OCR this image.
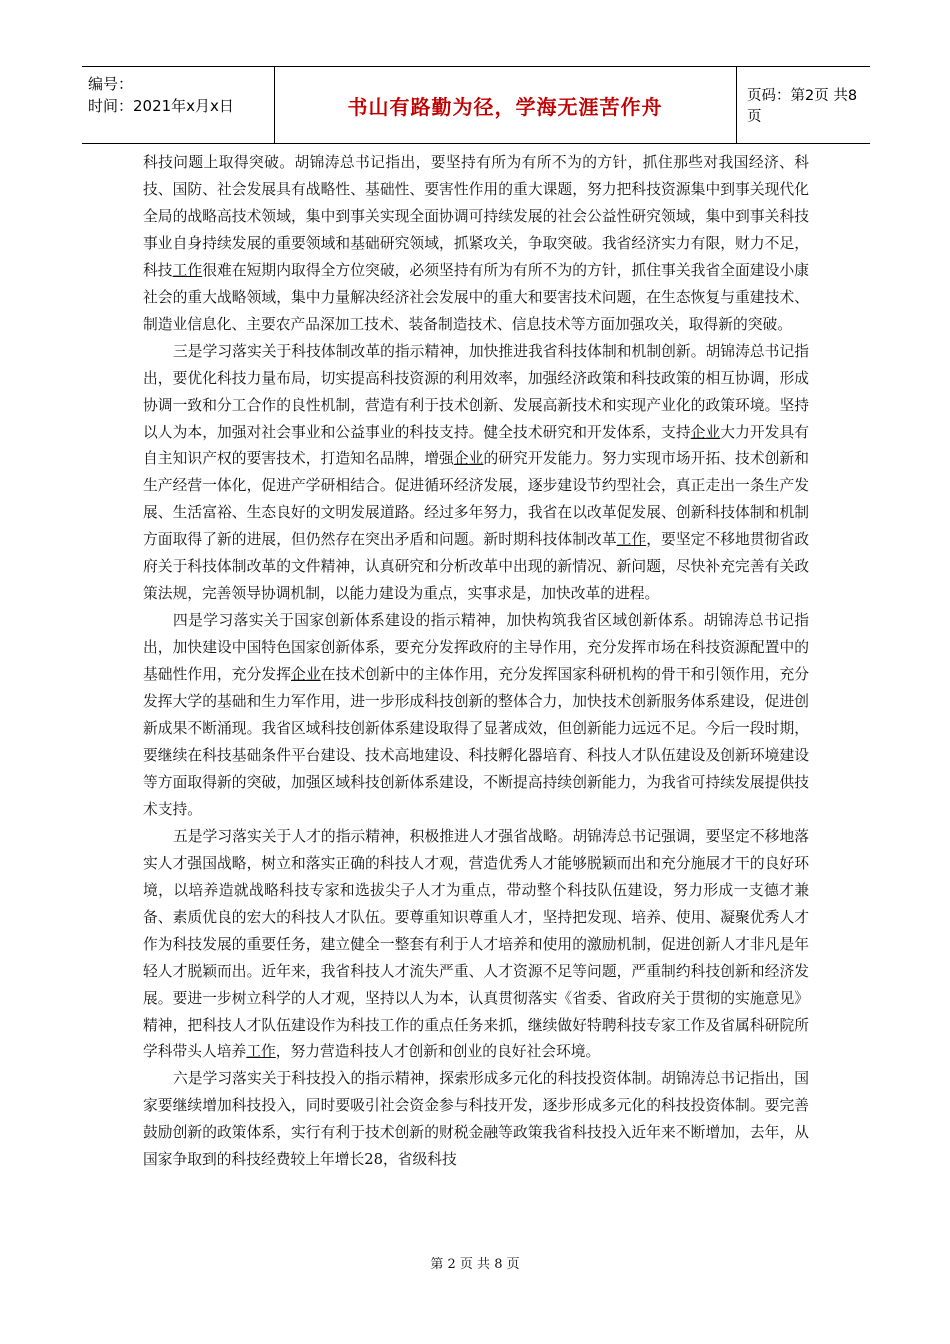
编号：
时间：2021年x月x日	书山有路勤为径，学海无涯苦作舟	页码：第2页 共8页

科技问题上取得突破。胡锦涛总书记指出，要坚持有所为有所不为的方针，抓住那些对我国经济、科技、国防、社会发展具有战略性、基础性、要害性作用的重大课题，努力把科技资源集中到事关现代化全局的战略高技术领域，集中到事关实现全面协调可持续发展的社会公益性研究领域，集中到事关科技事业自身持续发展的重要领域和基础研究领域，抓紧攻关，争取突破。我省经济实力有限，财力不足，科技工作很难在短期内取得全方位突破，必须坚持有所为有所不为的方针，抓住事关我省全面建设小康社会的重大战略领域，集中力量解决经济社会发展中的重大和要害技术问题，在生态恢复与重建技术、制造业信息化、主要农产品深加工技术、装备制造技术、信息技术等方面加强攻关，取得新的突破。

三是学习落实关于科技体制改革的指示精神，加快推进我省科技体制和机制创新。胡锦涛总书记指出，要优化科技力量布局，切实提高科技资源的利用效率，加强经济政策和科技政策的相互协调，形成协调一致和分工合作的良性机制，营造有利于技术创新、发展高新技术和实现产业化的政策环境。坚持以人为本，加强对社会事业和公益事业的科技支持。健全技术研究和开发体系，支持企业大力开发具有自主知识产权的要害技术，打造知名品牌，增强企业的研究开发能力。努力实现市场开拓、技术创新和生产经营一体化，促进产学研相结合。促进循环经济发展，逐步建设节约型社会，真正走出一条生产发展、生活富裕、生态良好的文明发展道路。经过多年努力，我省在以改革促发展、创新科技体制和机制方面取得了新的进展，但仍然存在突出矛盾和问题。新时期科技体制改革工作，要坚定不移地贯彻省政府关于科技体制改革的文件精神，认真研究和分析改革中出现的新情况、新问题，尽快补充完善有关政策法规，完善领导协调机制，以能力建设为重点，实事求是，加快改革的进程。

四是学习落实关于国家创新体系建设的指示精神，加快构筑我省区域创新体系。胡锦涛总书记指出，加快建设中国特色国家创新体系，要充分发挥政府的主导作用，充分发挥市场在科技资源配置中的基础性作用，充分发挥企业在技术创新中的主体作用，充分发挥国家科研机构的骨干和引领作用，充分发挥大学的基础和生力军作用，进一步形成科技创新的整体合力，加快技术创新服务体系建设，促进创新成果不断涌现。我省区域科技创新体系建设取得了显著成效，但创新能力远远不足。今后一段时期，要继续在科技基础条件平台建设、技术高地建设、科技孵化器培育、科技人才队伍建设及创新环境建设等方面取得新的突破，加强区域科技创新体系建设，不断提高持续创新能力，为我省可持续发展提供技术支持。

五是学习落实关于人才的指示精神，积极推进人才强省战略。胡锦涛总书记强调，要坚定不移地落实人才强国战略，树立和落实正确的科技人才观，营造优秀人才能够脱颖而出和充分施展才干的良好环境，以培养造就战略科技专家和选拔尖子人才为重点，带动整个科技队伍建设，努力形成一支德才兼备、素质优良的宏大的科技人才队伍。要尊重知识尊重人才，坚持把发现、培养、使用、凝聚优秀人才作为科技发展的重要任务，建立健全一整套有利于人才培养和使用的激励机制，促进创新人才非凡是年轻人才脱颖而出。近年来，我省科技人才流失严重、人才资源不足等问题，严重制约科技创新和经济发展。要进一步树立科学的人才观，坚持以人为本，认真贯彻落实《省委、省政府关于贯彻的实施意见》精神，把科技人才队伍建设作为科技工作的重点任务来抓，继续做好特聘科技专家工作及省属科研院所学科带头人培养工作，努力营造科技人才创新和创业的良好社会环境。

六是学习落实关于科技投入的指示精神，探索形成多元化的科技投资体制。胡锦涛总书记指出，国家要继续增加科技投入，同时要吸引社会资金参与科技开发，逐步形成多元化的科技投资体制。要完善鼓励创新的政策体系，实行有利于技术创新的财税金融等政策我省科技投入近年来不断增加，去年，从国家争取到的科技经费较上年增长28，省级科技

第 2 页 共 8 页
